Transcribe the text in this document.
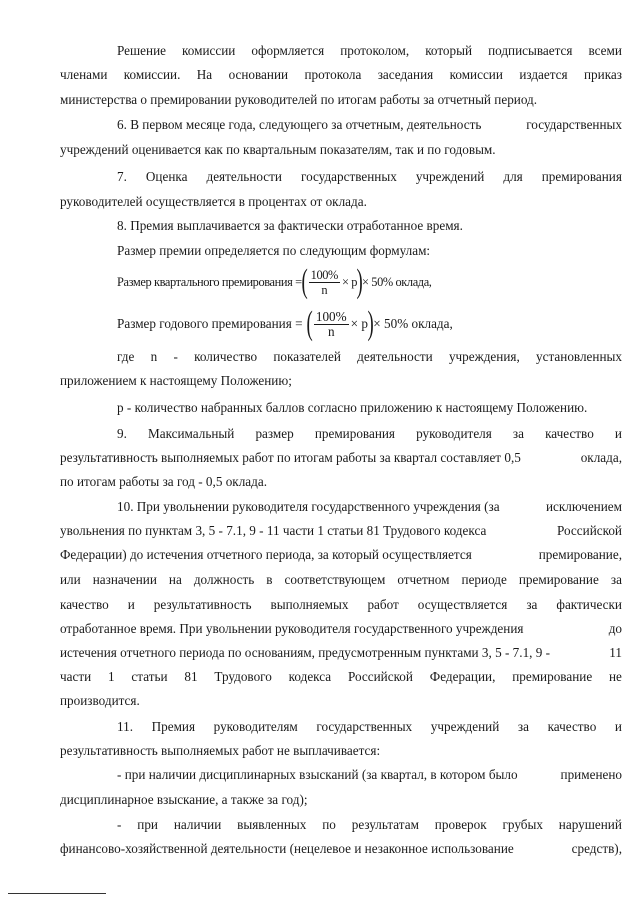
Решение комиссии оформляется протоколом, который подписывается всеми
членами комиссии. На основании протокола заседания комиссии издается приказ
министерства о премировании руководителей по итогам работы за отчетный период.
6. В первом месяце года, следующего за отчетным, деятельность	государственных
учреждений оценивается как по квартальным показателям, так и по годовым.
7. Оценка деятельности государственных учреждений для премирования
руководителей осуществляется в процентах от оклада.
8. Премия выплачивается за фактически отработанное время.
Размер премии определяется по следующим формулам:
Размер квартального премирования = ( $\frac{100\%}{n} \times р$ ) × 50% оклада,
Размер годового премирования = ( $\frac{100\%}{n} \times р$ ) × 50% оклада,
где n - количество показателей деятельности учреждения, установленных
приложением к настоящему Положению;
р - количество набранных баллов согласно приложению к настоящему Положению.
9. Максимальный размер премирования руководителя за качество и
результативность выполняемых работ по итогам работы за квартал составляет 0,5	оклада,
по итогам работы за год - 0,5 оклада.
10. При увольнении руководителя государственного учреждения (за	исключением
увольнения по пунктам 3, 5 - 7.1, 9 - 11 части 1 статьи 81 Трудового кодекса	Российской
Федерации) до истечения отчетного периода, за который осуществляется	премирование,
или назначении на должность в соответствующем отчетном периоде премирование за
качество и результативность выполняемых работ осуществляется за фактически
отработанное время. При увольнении руководителя государственного учреждения	до
истечения отчетного периода по основаниям, предусмотренным пунктами 3, 5 - 7.1, 9 -	11
части 1 статьи 81 Трудового кодекса Российской Федерации, премирование не
производится.
11. Премия руководителям государственных учреждений за качество и
результативность выполняемых работ не выплачивается:
- при наличии дисциплинарных взысканий (за квартал, в котором было	применено
дисциплинарное взыскание, а также за год);
- при наличии выявленных по результатам проверок грубых нарушений
финансово-хозяйственной деятельности (нецелевое и незаконное использование	средств),
